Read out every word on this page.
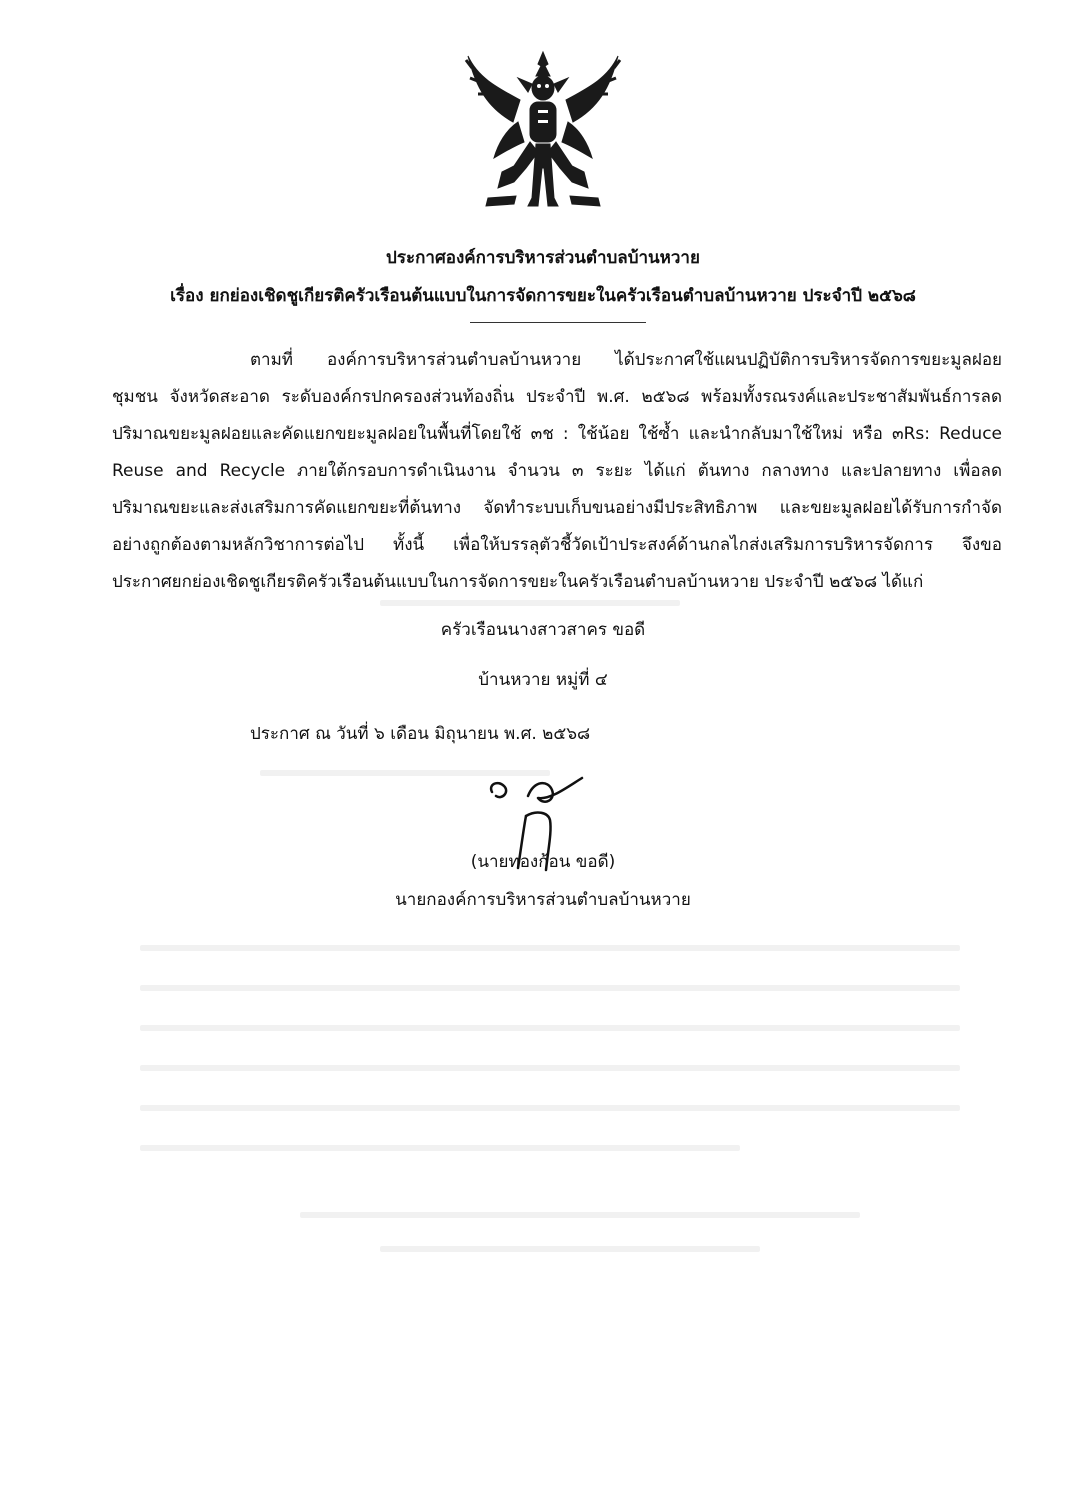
ประกาศองค์การบริหารส่วนตำบลบ้านหวาย
เรื่อง ยกย่องเชิดชูเกียรติครัวเรือนต้นแบบในการจัดการขยะในครัวเรือนตำบลบ้านหวาย ประจำปี ๒๕๖๘
ตามที่ องค์การบริหารส่วนตำบลบ้านหวาย ได้ประกาศใช้แผนปฏิบัติการบริหารจัดการขยะมูลฝอย
ชุมชน จังหวัดสะอาด ระดับองค์กรปกครองส่วนท้องถิ่น ประจำปี พ.ศ. ๒๕๖๘ พร้อมทั้งรณรงค์และประชาสัมพันธ์การลด
ปริมาณขยะมูลฝอยและคัดแยกขยะมูลฝอยในพื้นที่โดยใช้ ๓ช : ใช้น้อย ใช้ซ้ำ และนำกลับมาใช้ใหม่ หรือ ๓Rs: Reduce
Reuse and Recycle ภายใต้กรอบการดำเนินงาน จำนวน ๓ ระยะ ได้แก่ ต้นทาง กลางทาง และปลายทาง เพื่อลด
ปริมาณขยะและส่งเสริมการคัดแยกขยะที่ต้นทาง จัดทำระบบเก็บขนอย่างมีประสิทธิภาพ และขยะมูลฝอยได้รับการกำจัด
อย่างถูกต้องตามหลักวิชาการต่อไป ทั้งนี้ เพื่อให้บรรลุตัวชี้วัดเป้าประสงค์ด้านกลไกส่งเสริมการบริหารจัดการ จึงขอ
ประกาศยกย่องเชิดชูเกียรติครัวเรือนต้นแบบในการจัดการขยะในครัวเรือนตำบลบ้านหวาย ประจำปี ๒๕๖๘ ได้แก่
ครัวเรือนนางสาวสาคร ขอดี
บ้านหวาย หมู่ที่ ๔
ประกาศ ณ วันที่ ๖ เดือน มิถุนายน พ.ศ. ๒๕๖๘
(นายทองก้อน ขอดี)
นายกองค์การบริหารส่วนตำบลบ้านหวาย
